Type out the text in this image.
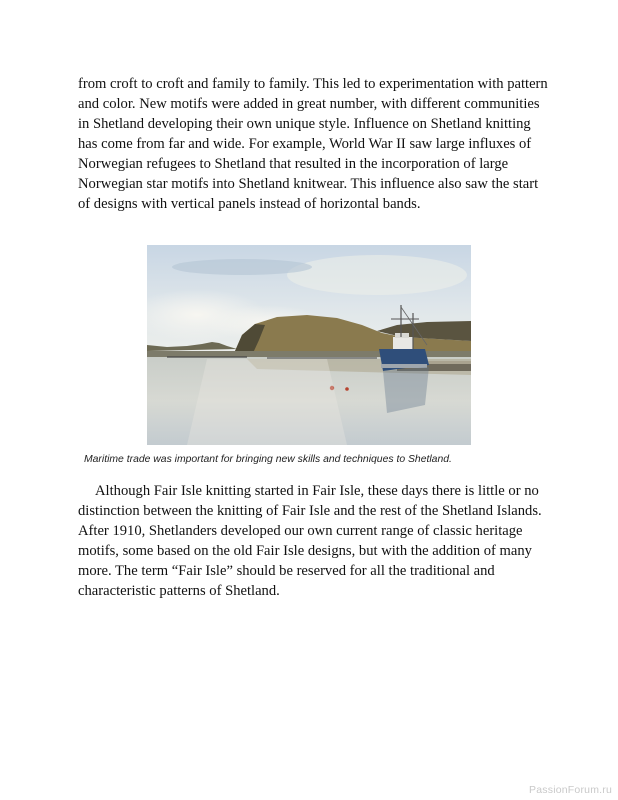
from croft to croft and family to family. This led to experimentation with pattern and color. New motifs were added in great number, with different communities in Shetland developing their own unique style. Influence on Shetland knitting has come from far and wide. For example, World War II saw large influxes of Norwegian refugees to Shetland that resulted in the incorporation of large Norwegian star motifs into Shetland knitwear. This influence also saw the start of designs with vertical panels instead of horizontal bands.

Maritime trade was important for bringing new skills and techniques to Shetland.

Although Fair Isle knitting started in Fair Isle, these days there is little or no distinction between the knitting of Fair Isle and the rest of the Shetland Islands. After 1910, Shetlanders developed our own current range of classic heritage motifs, some based on the old Fair Isle designs, but with the addition of many more. The term “Fair Isle” should be reserved for all the traditional and characteristic patterns of Shetland.

PassionForum.ru
